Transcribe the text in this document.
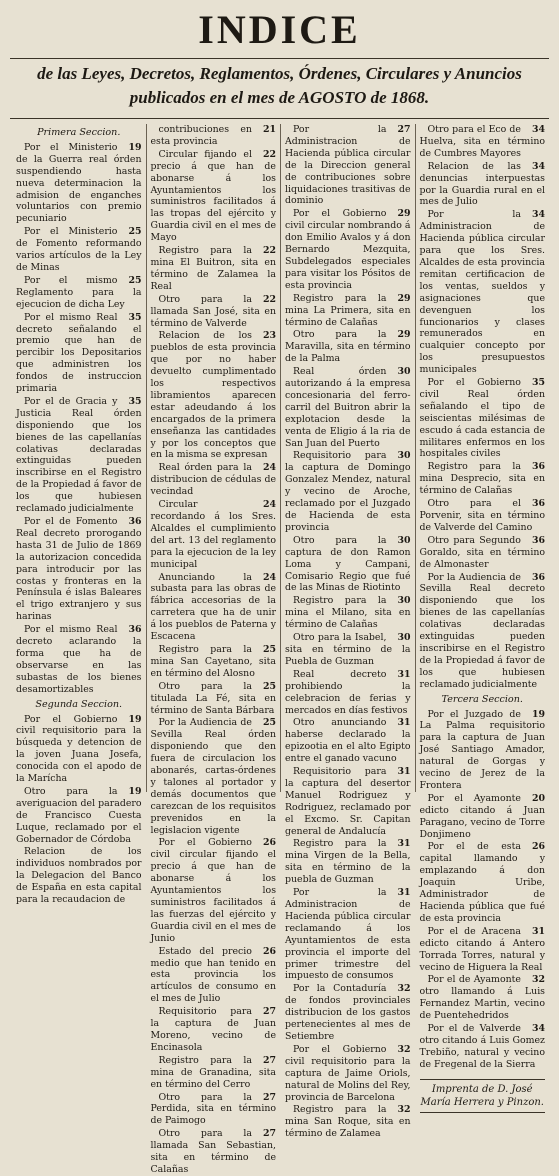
INDICE
de las Leyes, Decretos, Reglamentos, Órdenes, Circulares y Anuncios publicados en el mes de AGOSTO de 1868.
Primera Seccion.
19
Por el Ministerio de la Guerra real órden suspendiendo hasta nueva determinacion la admision de enganches voluntarios con premio pecuniario
25
Por el Ministerio de Fomento reformando varios artículos de la Ley de Minas
25
Por el mismo Reglamento para la ejecucion de dicha Ley
35
Por el mismo Real decreto señalando el premio que han de percibir los Depositarios que administren los fondos de instruccion primaria
35
Por el de Gracia y Justicia Real órden disponiendo que los bienes de las capellanías colativas declaradas extinguidas pueden inscribirse en el Registro de la Propiedad á favor de los que hubiesen reclamado judicialmente
36
Por el de Fomento Real decreto prorogando hasta 31 de Julio de 1869 la autorizacion concedida para introducir por las costas y fronteras en la Península é islas Baleares el trigo extranjero y sus harinas
36
Por el mismo Real decreto aclarando la forma que ha de observarse en las subastas de los bienes desamortizables
Segunda Seccion.
19
Por el Gobierno civil requisitorio para la búsqueda y detencion de la joven Juana Josefa, conocida con el apodo de la Marícha
19
Otro para la averiguacion del paradero de Francisco Cuesta Luque, reclamado por el Gobernador de Córdoba
Relacion de los individuos nombrados por la Delegacion del Banco de España en esta capital para la recaudacion de
21
contribuciones en esta provincia
22
Circular fijando el precio á que han de abonarse á los Ayuntamientos los suministros facilitados á las tropas del ejército y Guardia civil en el mes de Mayo
22
Registro para la mina El Buitron, sita en término de Zalamea la Real
22
Otro para la llamada San José, sita en término de Valverde
23
Relacion de los pueblos de esta provincia que por no haber devuelto cumplimentado los respectivos libramientos aparecen estar adeudando á los encargados de la primera enseñanza las cantidades y por los conceptos que en la misma se expresan
24
Real órden para la distribucion de cédulas de vecindad
24
Circular recordando á los Sres. Alcaldes el cumplimiento del art. 13 del reglamento para la ejecucion de la ley municipal
24
Anunciando la subasta para las obras de fábrica accesorias de la carretera que ha de unir á los pueblos de Paterna y Escacena
25
Registro para la mina San Cayetano, sita en término del Alosno
25
Otro para la titulada La Fé, sita en término de Santa Bárbara
25
Por la Audiencia de Sevilla Real órden disponiendo que den fuera de circulacion los abonarés, cartas-órdenes y talones al portador y demás documentos que carezcan de los requisitos prevenidos en la legislacion vigente
26
Por el Gobierno civil circular fijando el precio á que han de abonarse á los Ayuntamientos los suministros facilitados á las fuerzas del ejército y Guardia civil en el mes de Junio
26
Estado del precio medio que han tenido en esta provincia los artículos de consumo en el mes de Julio
27
Requisitorio para la captura de Juan Moreno, vecino de Encinasola
27
Registro para la mina de Granadina, sita en término del Cerro
27
Otro para la Perdida, sita en término de Paimogo
27
Otro para la llamada San Sebastian, sita en término de Calañas
27
Por la Administracion de Hacienda pública circular de la Direccion general de contribuciones sobre liquidaciones trasitivas de dominio
29
Por el Gobierno civil circular nombrando á don Emilio Avalos y á don Bernardo Mezquita, Subdelegados especiales para visitar los Pósitos de esta provincia
29
Registro para la mina La Primera, sita en término de Calañas
29
Otro para la Maravilla, sita en término de la Palma
30
Real órden autorizando á la empresa concesionaria del ferro-carril del Buitron abrir la explotacion desde la venta de Eligio á la ria de San Juan del Puerto
30
Requisitorio para la captura de Domingo Gonzalez Mendez, natural y vecino de Aroche, reclamado por el Juzgado de Hacienda de esta provincia
30
Otro para la captura de don Ramon Loma y Campani, Comisario Regio que fué de las Minas de Riotinto
30
Registro para la mina el Milano, sita en término de Calañas
30
Otro para la Isabel, sita en término de la Puebla de Guzman
31
Real decreto prohibiendo la celebracion de ferias y mercados en días festivos
31
Otro anunciando haberse declarado la epizootia en el alto Egipto entre el ganado vacuno
31
Requisitorio para la captura del desertor Manuel Rodriguez y Rodriguez, reclamado por el Excmo. Sr. Capitan general de Andalucía
31
Registro para la mina Virgen de la Bella, sita en término de la puebla de Guzman
31
Por la Administracion de Hacienda pública circular reclamando á los Ayuntamientos de esta provincia el importe del primer trimestre del impuesto de consumos
32
Por la Contaduría de fondos provinciales distribucion de los gastos pertenecientes al mes de Setiembre
32
Por el Gobierno civil requisitorio para la captura de Jaime Oriols, natural de Molins del Rey, provincia de Barcelona
32
Registro para la mina San Roque, sita en término de Zalamea
34
Otro para el Eco de Huelva, sita en término de Cumbres Mayores
34
Relacion de las denuncias interpuestas por la Guardia rural en el mes de Julio
34
Por la Administracion de Hacienda pública circular para que los Sres. Alcaldes de esta provincia remitan certificacion de los ventas, sueldos y asignaciones que devenguen los funcionarios y clases remunerados en cualquier concepto por los presupuestos municipales
35
Por el Gobierno civil Real órden señalando el tipo de seiscientas milésimas de escudo á cada estancia de militares enfermos en los hospitales civiles
36
Registro para la mina Desprecio, sita en término de Calañas
36
Otro para el Porvenir, sita en término de Valverde del Camino
36
Otro para Segundo Goraldo, sita en término de Almonaster
36
Por la Audiencia de Sevilla Real decreto disponiendo que los bienes de las capellanías colativas declaradas extinguidas pueden inscribirse en el Registro de la Propiedad á favor de los que hubiesen reclamado judicialmente
Tercera Seccion.
19
Por el Juzgado de La Palma requisitorio para la captura de Juan José Santiago Amador, natural de Gorgas y vecino de Jerez de la Frontera
20
Por el Ayamonte edicto citando á Juan Paragano, vecino de Torre Donjimeno
26
Por el de esta capital llamando y emplazando á don Joaquin Uribe, Administrador de Hacienda pública que fué de esta provincia
31
Por el de Aracena edicto citando á Antero Torrada Torres, natural y vecino de Higuera la Real
32
Por el de Ayamonte otro llamando á Luis Fernandez Martin, vecino de Puentehedridos
34
Por el de Valverde otro citando á Luis Gomez Trebiño, natural y vecino de Fregenal de la Sierra
Imprenta de D. José María Herrera y Pinzon.
